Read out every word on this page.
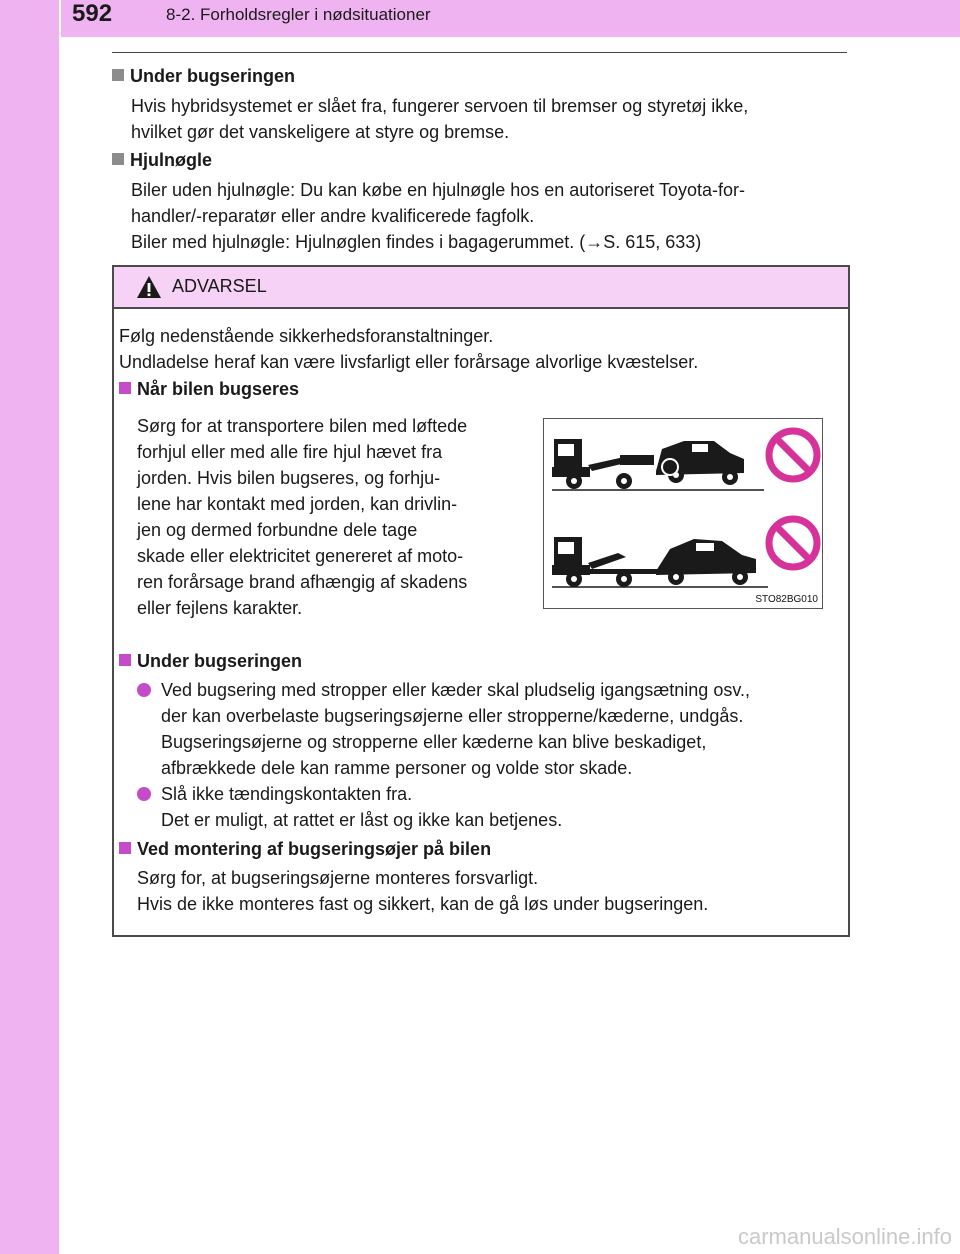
592	8-2. Forholdsregler i nødsituationer
Under bugseringen
Hvis hybridsystemet er slået fra, fungerer servoen til bremser og styretøj ikke,
hvilket gør det vanskeligere at styre og bremse.
Hjulnøgle
Biler uden hjulnøgle: Du kan købe en hjulnøgle hos en autoriseret Toyota-for-
handler/-reparatør eller andre kvalificerede fagfolk.
Biler med hjulnøgle: Hjulnøglen findes i bagagerummet. (→S. 615, 633)
ADVARSEL
Følg nedenstående sikkerhedsforanstaltninger.
Undladelse heraf kan være livsfarligt eller forårsage alvorlige kvæstelser.
Når bilen bugseres
Sørg for at transportere bilen med løftede
forhjul eller med alle fire hjul hævet fra
jorden. Hvis bilen bugseres, og forhju-
lene har kontakt med jorden, kan drivlin-
jen og dermed forbundne dele tage
skade eller elektricitet genereret af moto-
ren forårsage brand afhængig af skadens
eller fejlens karakter.	STO82BG010
Under bugseringen
Ved bugsering med stropper eller kæder skal pludselig igangsætning osv.,
der kan overbelaste bugseringsøjerne eller stropperne/kæderne, undgås.
Bugseringsøjerne og stropperne eller kæderne kan blive beskadiget,
afbrækkede dele kan ramme personer og volde stor skade.
Slå ikke tændingskontakten fra.
Det er muligt, at rattet er låst og ikke kan betjenes.
Ved montering af bugseringsøjer på bilen
Sørg for, at bugseringsøjerne monteres forsvarligt.
Hvis de ikke monteres fast og sikkert, kan de gå løs under bugseringen.
carmanualsonline.info
